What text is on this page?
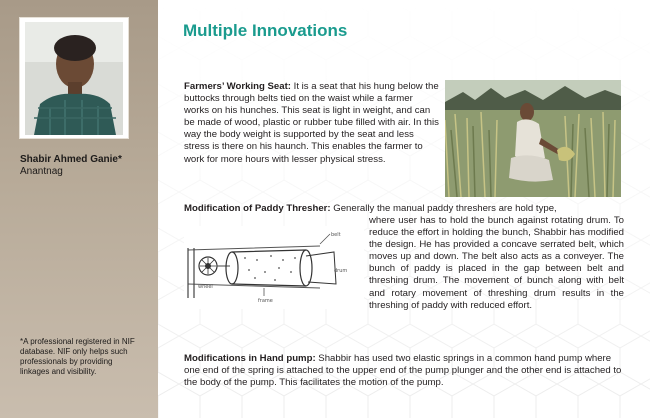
Shabir Ahmed Ganie*
Anantnag
*A professional registered in NIF database. NIF only helps such professionals by providing linkages and visibility.
Multiple Innovations
Farmers’ Working Seat: It is a seat that his hung below the buttocks through belts tied on the waist while a farmer works on his hunches. This seat is light in weight, and can be made of wood, plastic or rubber tube filled with air. In this way the body weight is supported by the seat and less stress is there on his haunch. This enables the farmer to work for more hours with lesser physical stress.
Modification of Paddy Thresher: Generally the manual paddy threshers are hold type,
belt
drum
frame
wheel
where user has to hold the bunch against rotating drum. To reduce the effort in holding the bunch, Shabbir has modified the design. He has provided a concave serrated belt, which moves up and down. The belt also acts as a conveyer. The bunch of paddy is placed in the gap between belt and threshing drum. The movement of bunch along with belt and rotary movement of threshing drum results in the threshing of paddy with reduced effort.
Modifications in Hand pump: Shabbir has used two elastic springs in a common hand pump where one end of the spring is attached to the upper end of the pump plunger and the other end is attached to the body of the pump. This facilitates the motion of the pump.
